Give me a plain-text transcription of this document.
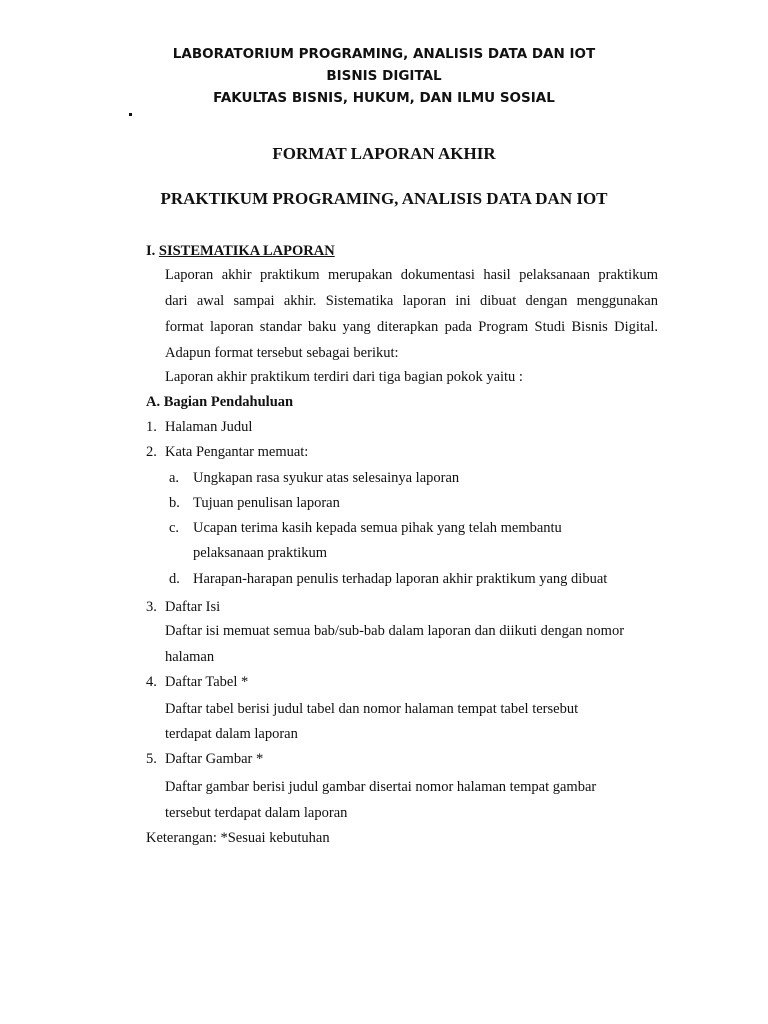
LABORATORIUM PROGRAMING, ANALISIS DATA DAN IOT
BISNIS DIGITAL
FAKULTAS BISNIS, HUKUM, DAN ILMU SOSIAL
FORMAT LAPORAN AKHIR
PRAKTIKUM PROGRAMING, ANALISIS DATA DAN IOT
I. SISTEMATIKA LAPORAN
Laporan akhir praktikum merupakan dokumentasi hasil pelaksanaan praktikum
dari awal sampai akhir. Sistematika laporan ini dibuat dengan menggunakan
format laporan standar baku yang diterapkan pada Program Studi Bisnis Digital.
Adapun format tersebut sebagai berikut:
Laporan akhir praktikum terdiri dari tiga bagian pokok yaitu :
A. Bagian Pendahuluan
1. Halaman Judul
2. Kata Pengantar memuat:
a. Ungkapan rasa syukur atas selesainya laporan
b. Tujuan penulisan laporan
c. Ucapan terima kasih kepada semua pihak yang telah membantu
pelaksanaan praktikum
d. Harapan-harapan penulis terhadap laporan akhir praktikum yang dibuat
3. Daftar Isi
Daftar isi memuat semua bab/sub-bab dalam laporan dan diikuti dengan nomor
halaman
4. Daftar Tabel *
Daftar tabel berisi judul tabel dan nomor halaman tempat tabel tersebut
terdapat dalam laporan
5. Daftar Gambar *
Daftar gambar berisi judul gambar disertai nomor halaman tempat gambar
tersebut terdapat dalam laporan
Keterangan: *Sesuai kebutuhan
